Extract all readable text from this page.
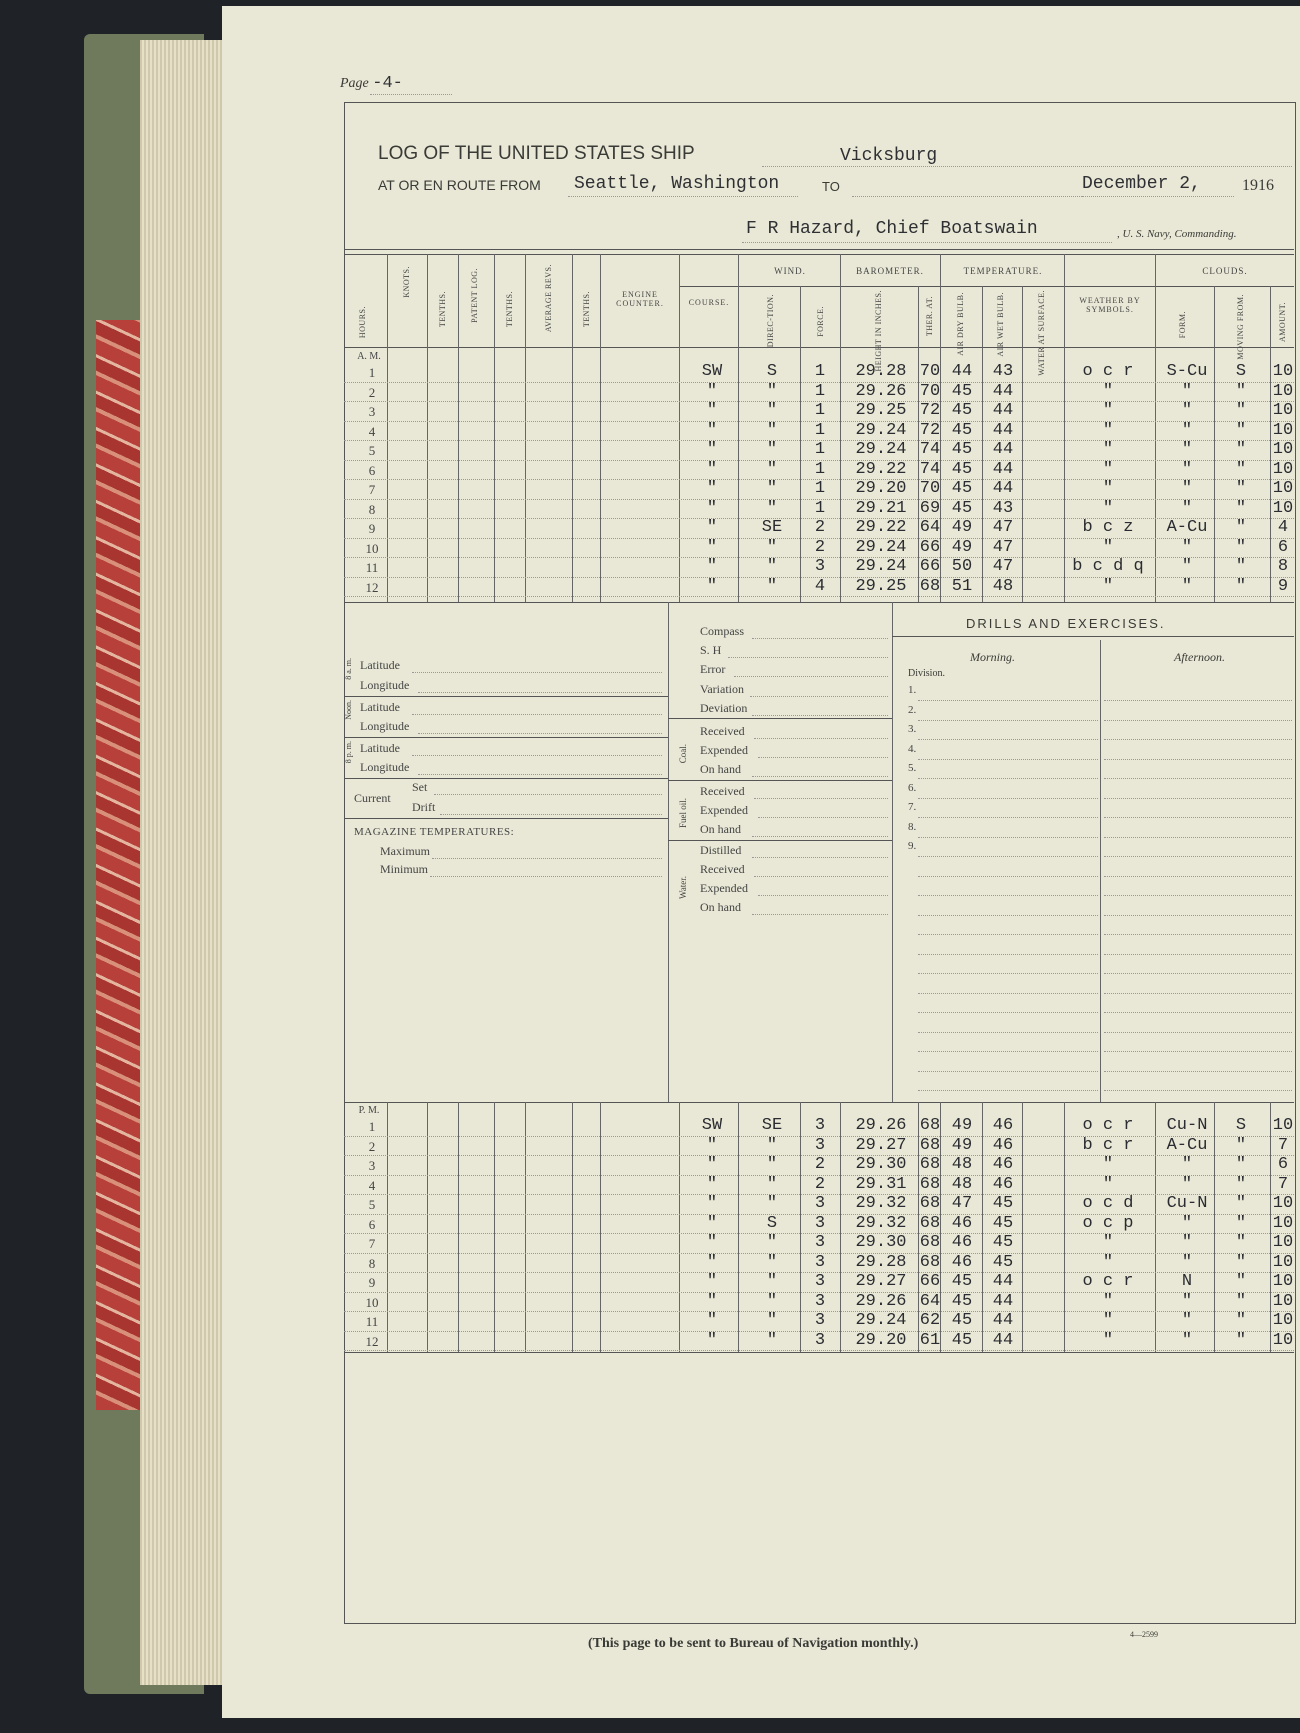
Page -4-
LOG OF THE UNITED STATES SHIP	Vicksburg
AT OR EN ROUTE FROM Seattle, Washington	TO	December 2,	1916
F R Hazard, Chief Boatswain	, U. S. Navy, Commanding.
HOURS.
KNOTS.
TENTHS.	PATENT LOG.	TENTHS.	AVERAGE REVS.	TENTHS.	ENGINE COUNTER.	COURSE.
WIND.
DIREC-TION.	FORCE.
BAROMETER.
HEIGHT IN INCHES.	THER. AT.
TEMPERATURE.
AIR DRY BULB.	AIR WET BULB.	WATER AT SURFACE.	WEATHER BY SYMBOLS.
CLOUDS.
FORM.	MOVING FROM.	AMOUNT.
A. M.
1	SW	S	1	29.28 70 44	43	o c r	S-Cu	S	10
2	"	"	1	29.26 70 45	44	"	"	"	10
3	"	"	1	29.25 72 45	44	"	"	"	10
4	"	"	1	29.24 72 45	44	"	"	"	10
5	"	"	1	29.24 74 45	44	"	"	"	10
6	"	"	1	29.22 74 45	44	"	"	"	10
7	"	"	1	29.20 70 45	44	"	"	"	10
8	"	"	1	29.21 69 45	43	"	"	"	10
9	"	SE	2	29.22 64 49	47	b c z	A-Cu	"	4
10	"	"	2	29.24 66 49	47	"	"	"	6
11	"	"	3	29.24 66 50	47	b c d q	"	"	8
12	"	"	4	29.25 68 51	48	"	"	"	9
8 a. m. Latitude
Longitude
Noon. Latitude
Longitude
8 p. m. Latitude
Longitude
Current
Set
Drift
MAGAZINE TEMPERATURES:
Maximum
Minimum
Compass
S. H
Error
Variation
Deviation
Coal.
Received
Expended
On hand
Fuel oil.
Received
Expended
On hand
Water.
Distilled
Received
Expended
On hand
DRILLS AND EXERCISES.
Morning.	Afternoon.
Division.
1.
2.
3.
4.
5.
6.
7.
8.
9.

P. M.
1	SW	SE	3	29.26 68 49	46	o c r	Cu-N	S	10
2	"	"	3	29.27 68 49	46	b c r	A-Cu	"	7
3	"	"	2	29.30 68 48	46	"	"	"	6
4	"	"	2	29.31 68 48	46	"	"	"	7
5	"	"	3	29.32 68 47	45	o c d	Cu-N	"	10
6	"	S	3	29.32 68 46	45	o c p	"	"	10
7	"	"	3	29.30 68 46	45	"	"	"	10
8	"	"	3	29.28 68 46	45	"	"	"	10
9	"	"	3	29.27 66 45	44	o c r	N	"	10
10	"	"	3	29.26 64 45	44	"	"	"	10
11	"	"	3	29.24 62 45	44	"	"	"	10
12	"	"	3	29.20 61 45	44	"	"	"	10
(This page to be sent to Bureau of Navigation monthly.)
4—2599
